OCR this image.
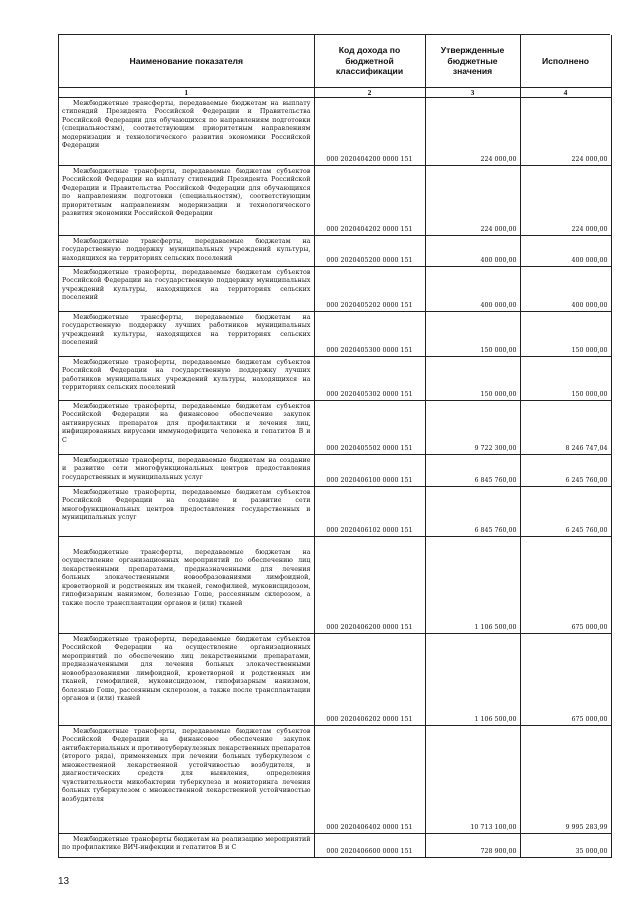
Наименование показателя	Код дохода по бюджетной классификации	Утвержденные бюджетные значения	Исполнено
1	2	3	4
Межбюджетные трансферты, передаваемые бюджетам на выплату стипендий Президента Российской Федерации и Правительства Российской Федерации для обучающихся по направлениям подготовки (специальностям), соответствующим приоритетным направлениям модернизации и технологического развития экономики Российской Федерации	000 2020404200 0000 151	224 000,00	224 000,00
Межбюджетные трансферты, передаваемые бюджетам субъектов Российской Федерации на выплату стипендий Президента Российской Федерации и Правительства Российской Федерации для обучающихся по направлениям подготовки (специальностям), соответствующим приоритетным направлениям модернизации и технологического развития экономики Российской Федерации	000 2020404202 0000 151	224 000,00	224 000,00
Межбюджетные трансферты, передаваемые бюджетам на государственную поддержку муниципальных учреждений культуры, находящихся на территориях сельских поселений	000 2020405200 0000 151	400 000,00	400 000,00
Межбюджетные трансферты, передаваемые бюджетам субъектов Российской Федерации на государственную поддержку муниципальных учреждений культуры, находящихся на территориях сельских поселений	000 2020405202 0000 151	400 000,00	400 000,00
Межбюджетные трансферты, передаваемые бюджетам на государственную поддержку лучших работников муниципальных учреждений культуры, находящихся на территориях сельских поселений	000 2020405300 0000 151	150 000,00	150 000,00
Межбюджетные трансферты, передаваемые бюджетам субъектов Российской Федерации на государственную поддержку лучших работников муниципальных учреждений культуры, находящихся на территориях сельских поселений	000 2020405302 0000 151	150 000,00	150 000,00
Межбюджетные трансферты, передаваемые бюджетам субъектов Российской Федерации на финансовое обеспечение закупок антивирусных препаратов для профилактики и лечения лиц, инфицированных вирусами иммунодефицита человека и гепатитов B и C	000 2020405502 0000 151	9 722 300,00	8 246 747,04
Межбюджетные трансферты, передаваемые бюджетам на создание и развитие сети многофункциональных центров предоставления государственных и муниципальных услуг	000 2020406100 0000 151	6 845 760,00	6 245 760,00
Межбюджетные трансферты, передаваемые бюджетам субъектов Российской Федерации на создание и развитие сети многофункциональных центров предоставления государственных и муниципальных услуг	000 2020406102 0000 151	6 845 760,00	6 245 760,00
Межбюджетные трансферты, передаваемые бюджетам на осуществление организационных мероприятий по обеспечению лиц лекарственными препаратами, предназначенными для лечения больных злокачественными новообразованиями лимфоидной, кроветворной и родственных им тканей, гемофилией, муковисцидозом, гипофизарным нанизмом, болезнью Гоше, рассеянным склерозом, а также после трансплантации органов и (или) тканей	000 2020406200 0000 151	1 106 500,00	675 000,00
Межбюджетные трансферты, передаваемые бюджетам субъектов Российской Федерации на осуществление организационных мероприятий по обеспечению лиц лекарственными препаратами, предназначенными для лечения больных злокачественными новообразованиями лимфоидной, кроветворной и родственных им тканей, гемофилией, муковисцидозом, гипофизарным нанизмом, болезнью Гоше, рассеянным склерозом, а также после трансплантации органов и (или) тканей	000 2020406202 0000 151	1 106 500,00	675 000,00
Межбюджетные трансферты, передаваемые бюджетам субъектов Российской Федерации на финансовое обеспечение закупок антибактериальных и противотуберкулезных лекарственных препаратов (второго ряда), применяемых при лечении больных туберкулезом с множественной лекарственной устойчивостью возбудителя, и диагностических средств для выявления, определения чувствительности микобактерии туберкулеза и мониторинга лечения больных туберкулезом с множественной лекарственной устойчивостью возбудителя	000 2020406402 0000 151	10 713 100,00	9 995 283,99
Межбюджетные трансферты бюджетам на реализацию мероприятий по профилактике ВИЧ-инфекции и гепатитов B и C	000 2020406600 0000 151	728 900,00	35 000,00
13
